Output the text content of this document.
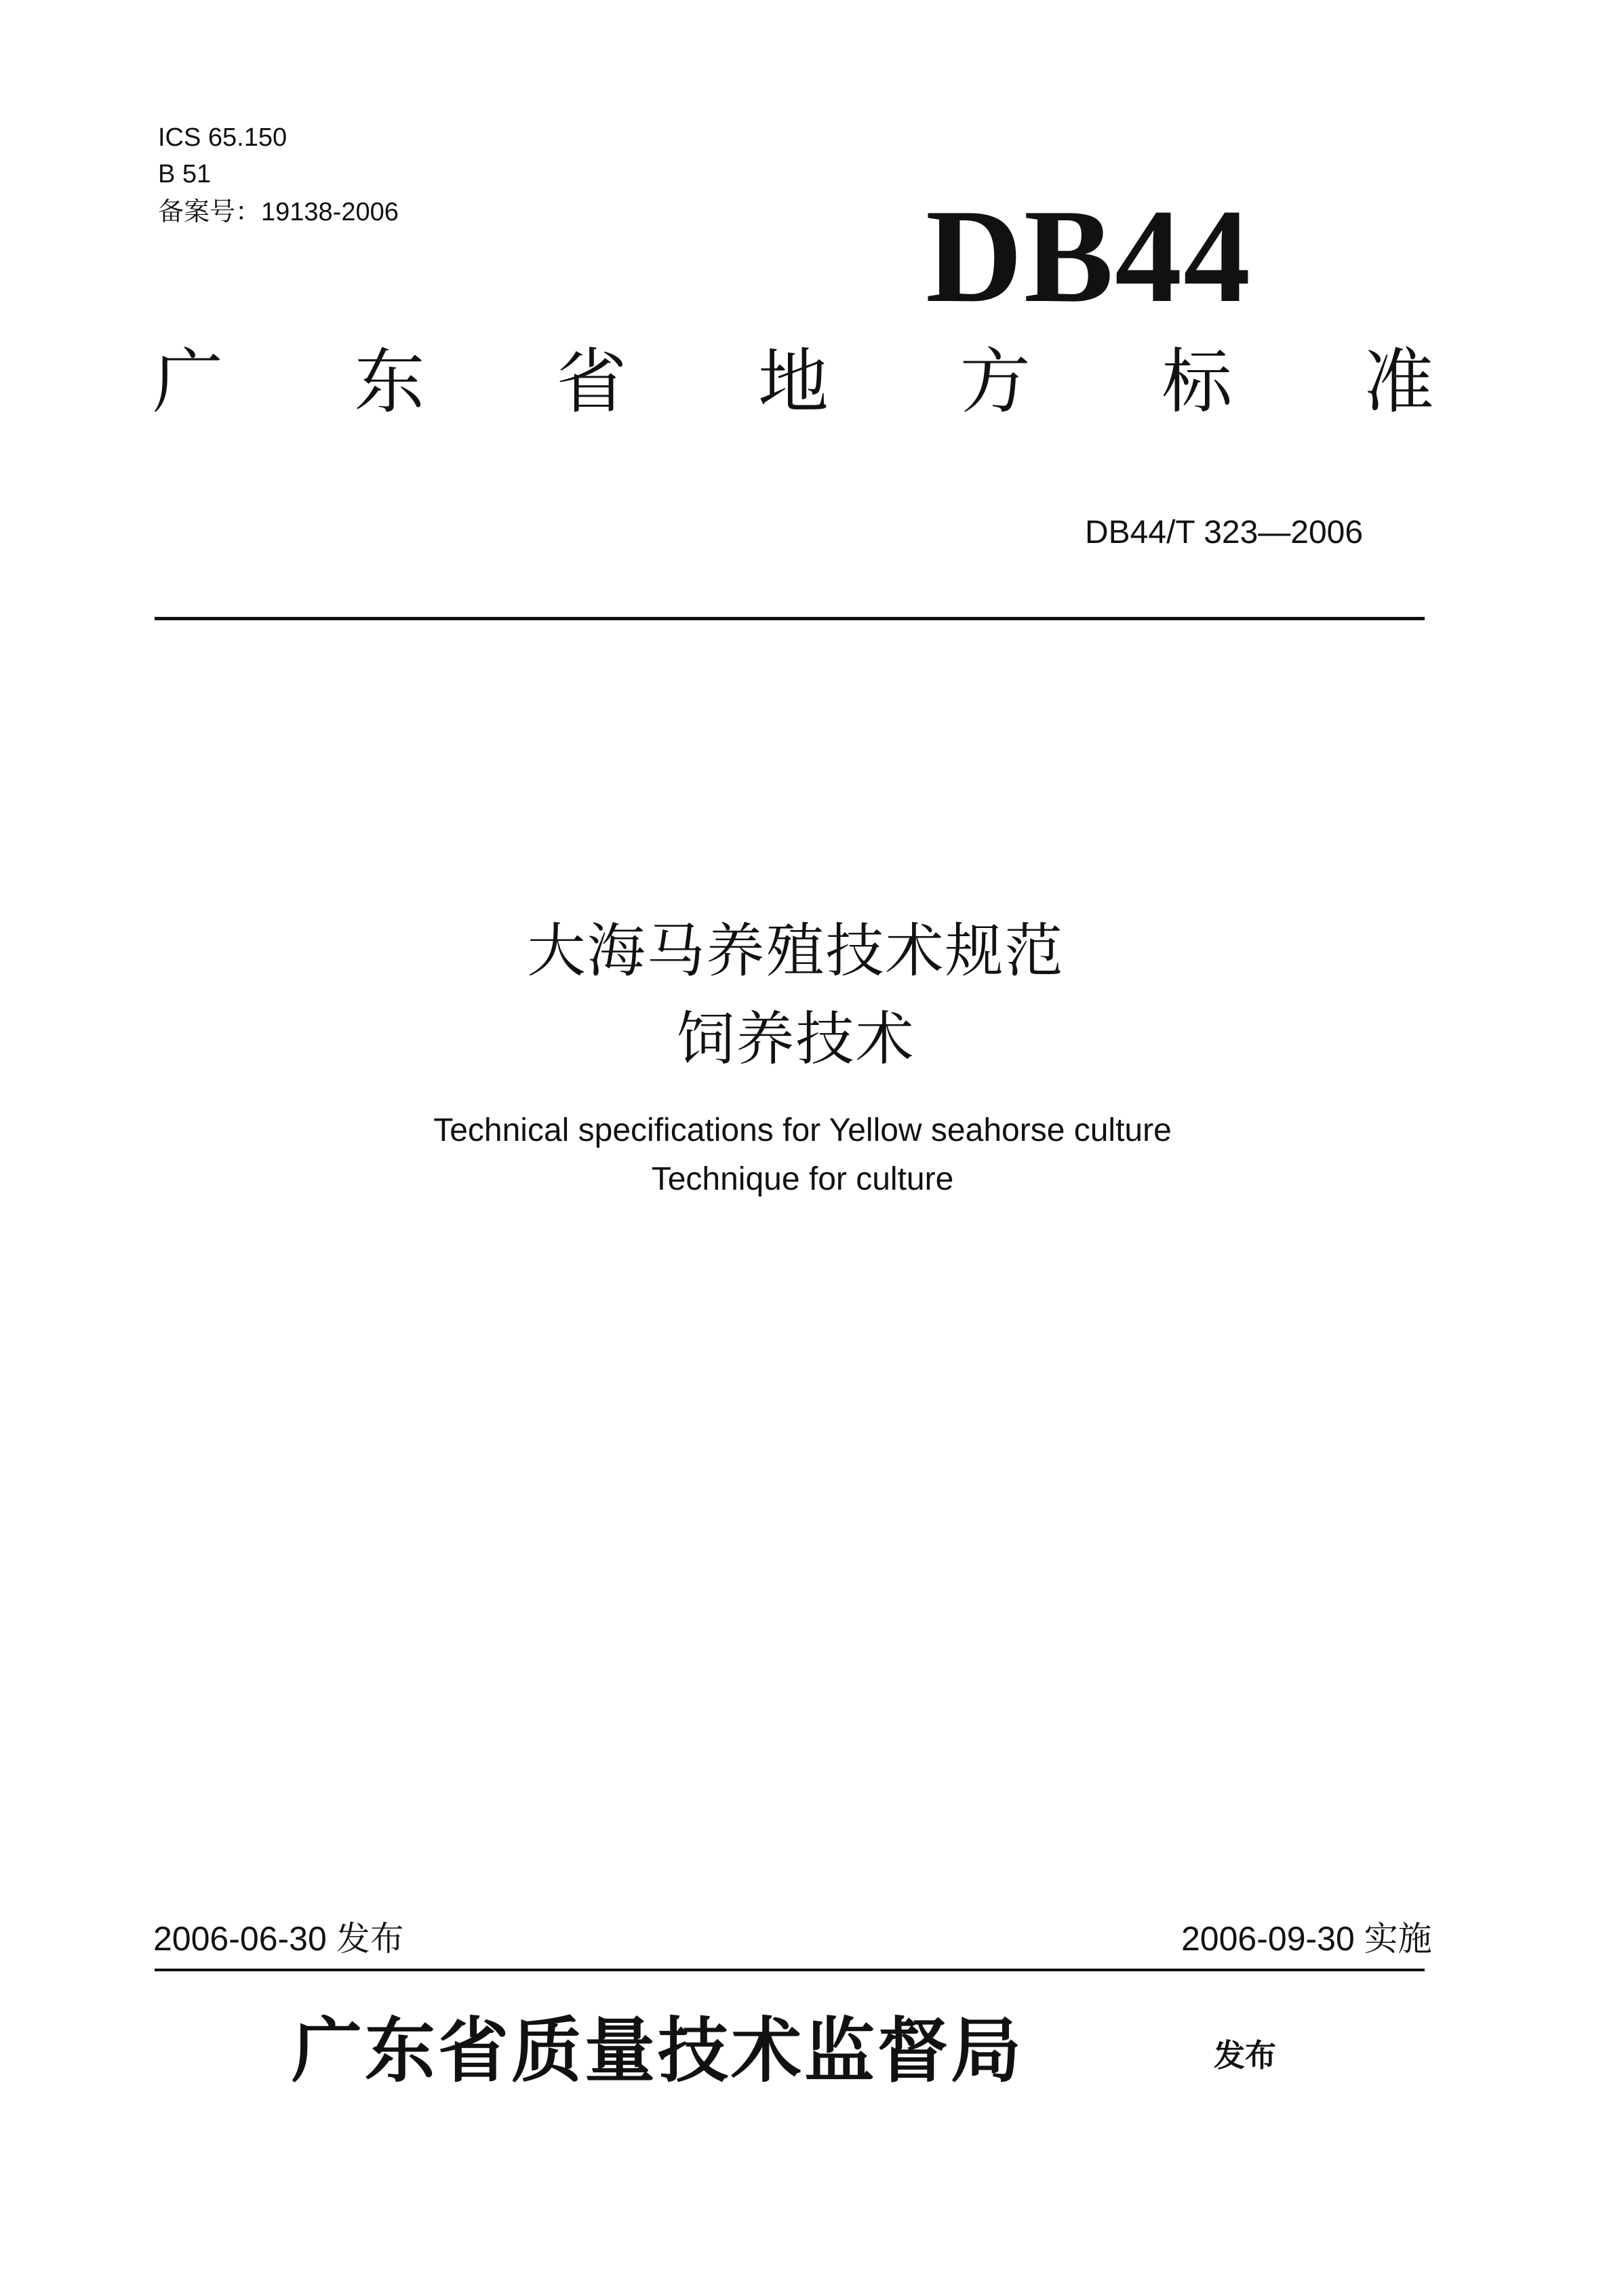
ICS 65.150
B 51
备案号：19138-2006	DB44
广 东 省 地 方 标 准
DB44/T 323—2006
大海马养殖技术规范
饲养技术
Technical specifications for Yellow seahorse culture
Technique for culture
2006-06-30 发布	2006-09-30 实施
广东省质量技术监督局	发布
